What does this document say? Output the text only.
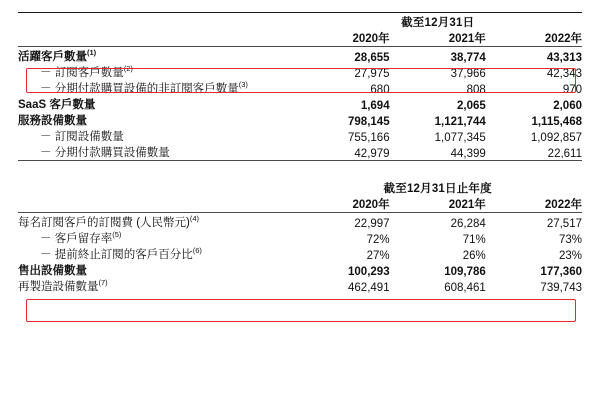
	截至12月31日		
	2020年	2021年	2022年

活躍客戶數量$^{(1)}$	28,655	38,774	43,313
－ 訂閱客戶數量$^{(2)}$	27,975	37,966	42,343
－ 分期付款購買設備的非訂閱客戶數量$^{(3)}$	680	808	970
SaaS 客戶數量	1,694	2,065	2,060
服務設備數量	798,145	1,121,744	1,115,468
－ 訂閱設備數量	755,166	1,077,345	1,092,857
－ 分期付款購買設備數量	42,979	44,399	22,611

	截至12月31日止年度		
	2020年	2021年	2022年

每名訂閱客戶的訂閱費 (人民幣元)$^{(4)}$	22,997	26,284	27,517
－ 客戶留存率$^{(5)}$	72%	71%	73%
－ 提前終止訂閱的客戶百分比$^{(6)}$	27%	26%	23%
售出設備數量	100,293	109,786	177,360
再製造設備數量$^{(7)}$	462,491	608,461	739,743
